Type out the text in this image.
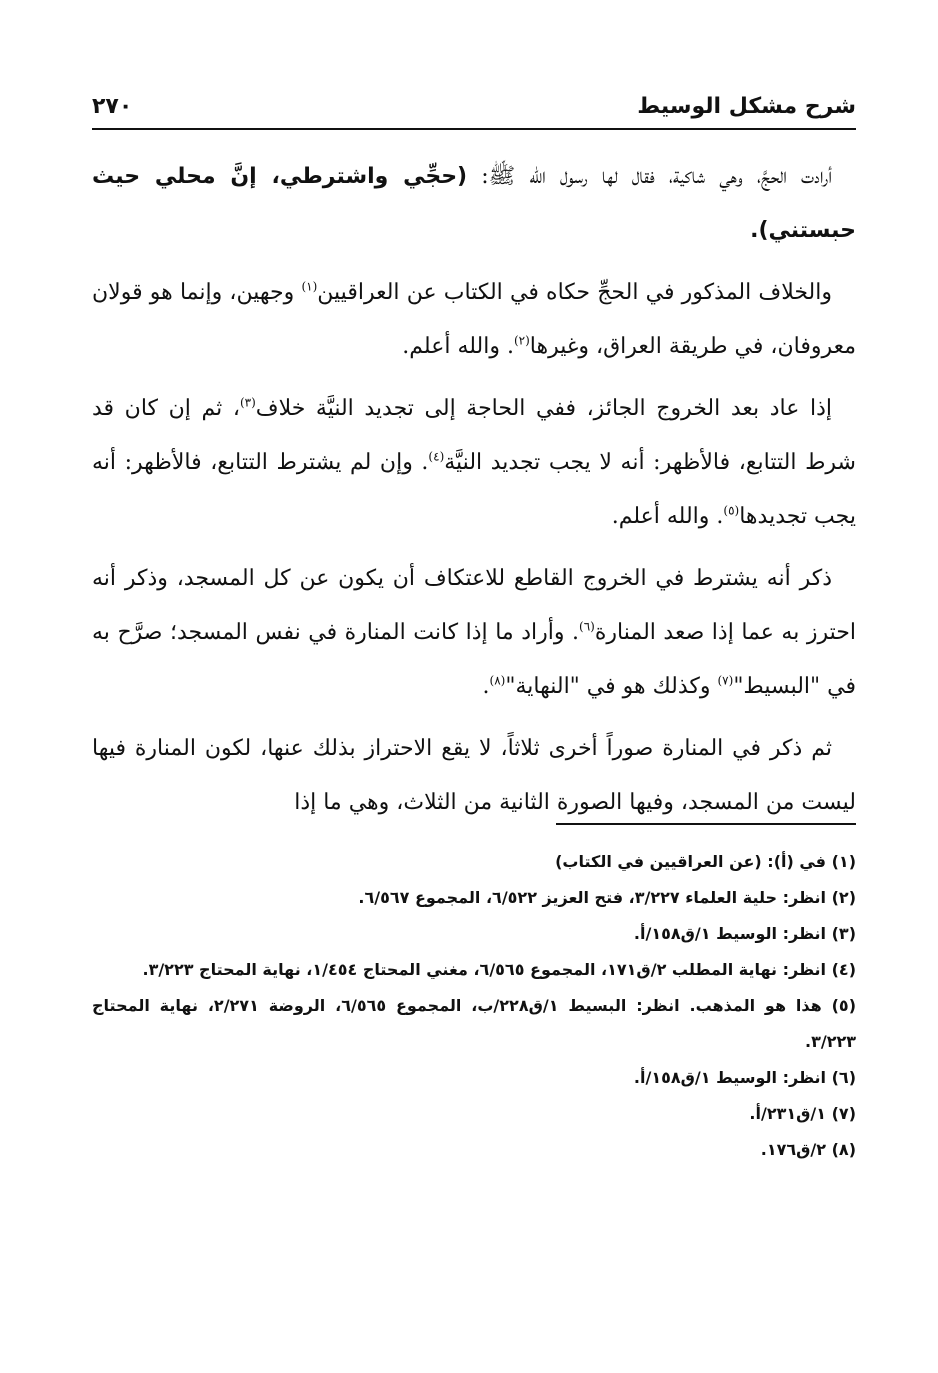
شرح مشكل الوسيط
٢٧٠

أرادت الحجَّ، وهي شاكية، فقال لها رسول الله ﷺ: (حجِّي واشترطي، إنَّ محلي حيث حبستني).

والخلاف المذكور في الحجِّ حكاه في الكتاب عن العراقيين$^{(١)}$ وجهين، وإنما هو قولان معروفان، في طريقة العراق، وغيرها$^{(٢)}$. والله أعلم.

إذا عاد بعد الخروج الجائز، ففي الحاجة إلى تجديد النيَّة خلاف$^{(٣)}$، ثم إن كان قد شرط التتابع، فالأظهر: أنه لا يجب تجديد النيَّة$^{(٤)}$. وإن لم يشترط التتابع، فالأظهر: أنه يجب تجديدها$^{(٥)}$. والله أعلم.

ذكر أنه يشترط في الخروج القاطع للاعتكاف أن يكون عن كل المسجد، وذكر أنه احترز به عما إذا صعد المنارة$^{(٦)}$. وأراد ما إذا كانت المنارة في نفس المسجد؛ صرَّح به في "البسيط"$^{(٧)}$ وكذلك هو في "النهاية"$^{(٨)}$.

ثم ذكر في المنارة صوراً أخرى ثلاثاً، لا يقع الاحتراز بذلك عنها، لكون المنارة فيها ليست من المسجد، وفيها الصورة الثانية من الثلاث، وهي ما إذا

(١) في (أ): (عن العراقيين في الكتاب)
(٢) انظر: حلية العلماء ٣/٢٢٧، فتح العزيز ٦/٥٢٢، المجموع ٦/٥٦٧.
(٣) انظر: الوسيط ١/ق١٥٨/أ.
(٤) انظر: نهاية المطلب ٢/ق١٧١، المجموع ٦/٥٦٥، مغني المحتاج ١/٤٥٤، نهاية المحتاج ٣/٢٢٣.
(٥) هذا هو المذهب. انظر: البسيط ١/ق٢٢٨/ب، المجموع ٦/٥٦٥، الروضة ٢/٢٧١، نهاية المحتاج ٣/٢٢٣.
(٦) انظر: الوسيط ١/ق١٥٨/أ.
(٧) ١/ق٢٣١/أ.
(٨) ٢/ق١٧٦.
